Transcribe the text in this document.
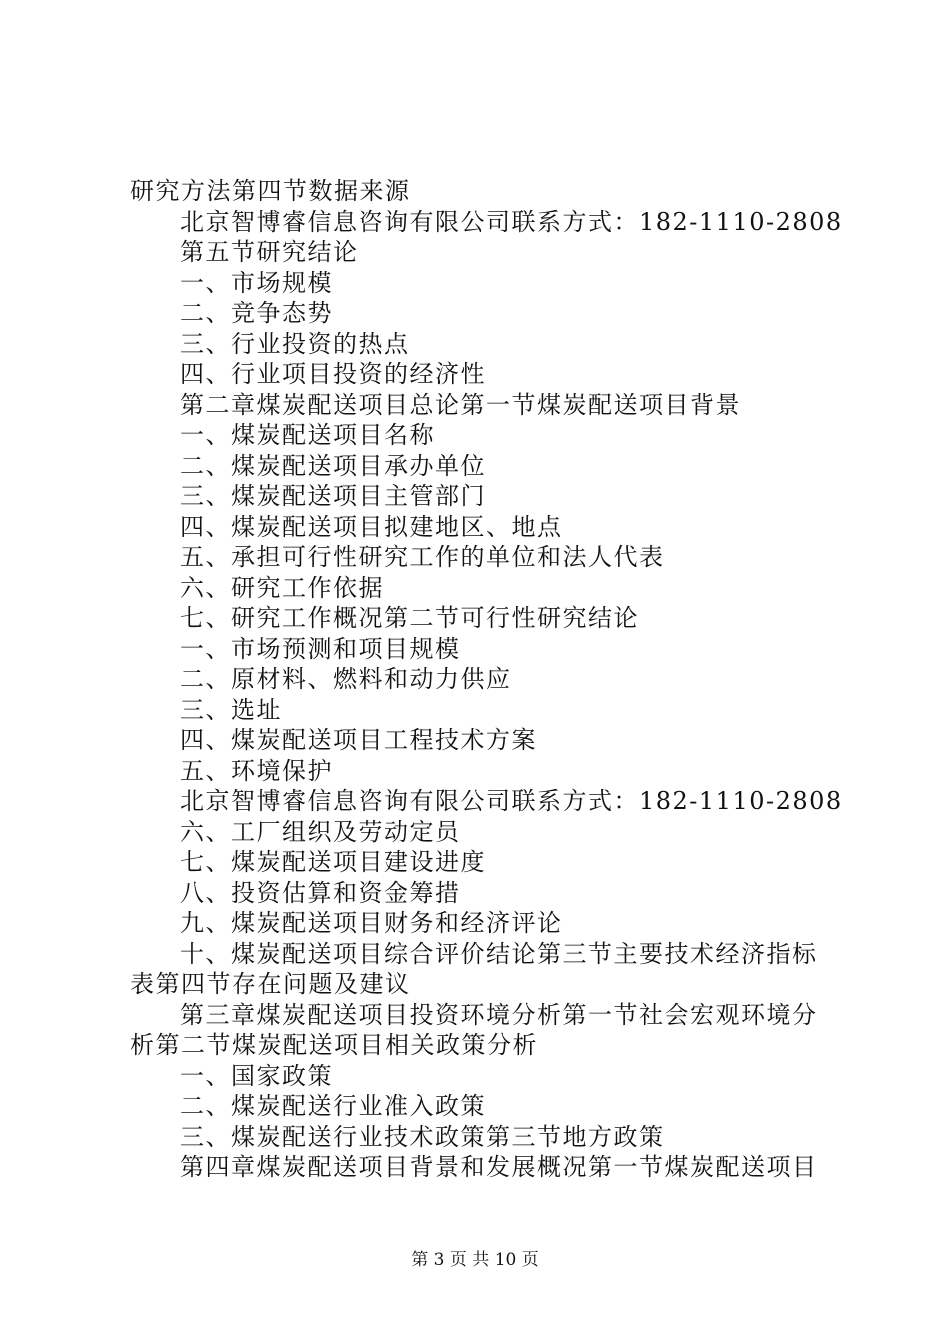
研究方法第四节数据来源
北京智博睿信息咨询有限公司联系方式：182-1110-2808
第五节研究结论
一、市场规模
二、竞争态势
三、行业投资的热点
四、行业项目投资的经济性
第二章煤炭配送项目总论第一节煤炭配送项目背景
一、煤炭配送项目名称
二、煤炭配送项目承办单位
三、煤炭配送项目主管部门
四、煤炭配送项目拟建地区、地点
五、承担可行性研究工作的单位和法人代表
六、研究工作依据
七、研究工作概况第二节可行性研究结论
一、市场预测和项目规模
二、原材料、燃料和动力供应
三、选址
四、煤炭配送项目工程技术方案
五、环境保护
北京智博睿信息咨询有限公司联系方式：182-1110-2808
六、工厂组织及劳动定员
七、煤炭配送项目建设进度
八、投资估算和资金筹措
九、煤炭配送项目财务和经济评论
十、煤炭配送项目综合评价结论第三节主要技术经济指标
表第四节存在问题及建议
第三章煤炭配送项目投资环境分析第一节社会宏观环境分
析第二节煤炭配送项目相关政策分析
一、国家政策
二、煤炭配送行业准入政策
三、煤炭配送行业技术政策第三节地方政策
第四章煤炭配送项目背景和发展概况第一节煤炭配送项目
第 3 页 共 10 页
